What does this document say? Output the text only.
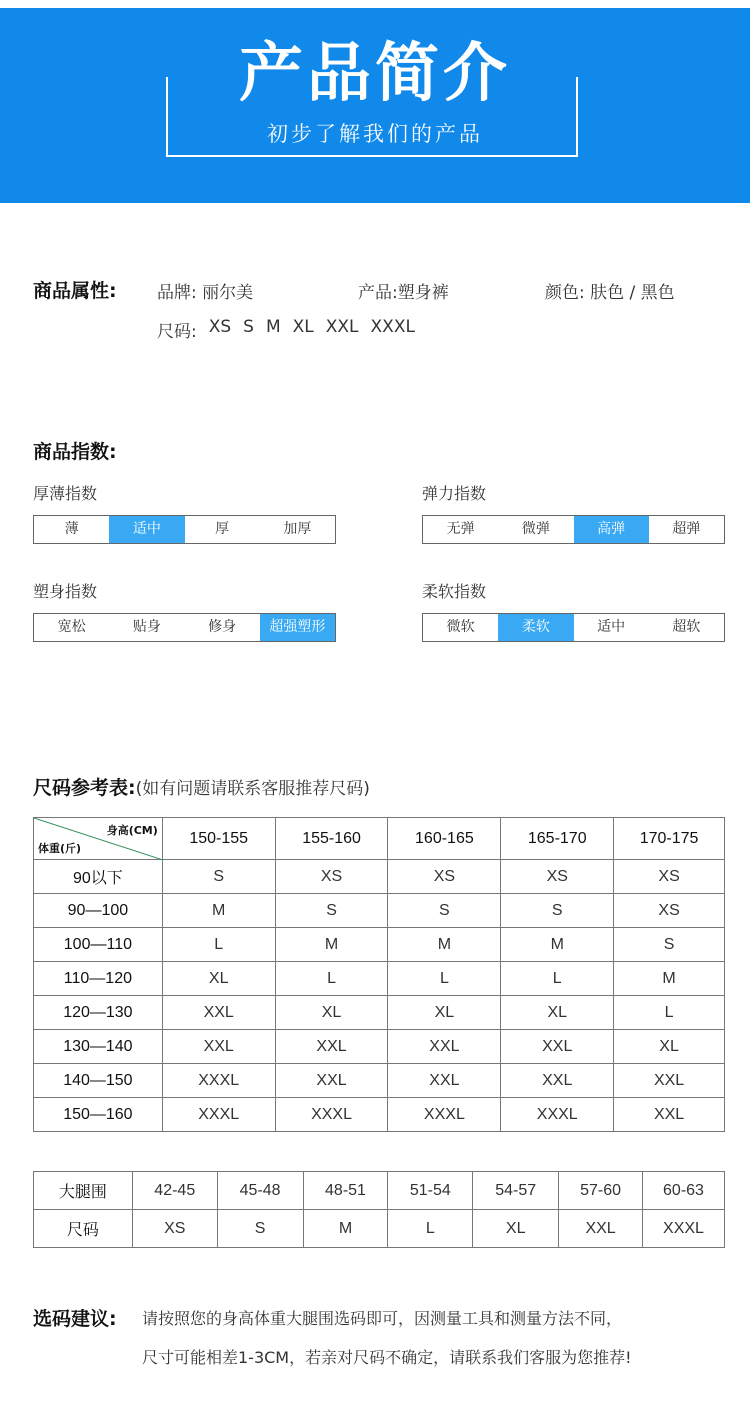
产品简介
初步了解我们的产品
商品属性: 品牌: 丽尔美	产品:塑身裤	颜色: 肤色 / 黑色
尺码: XS S M XL XXL XXXL
商品指数:
厚薄指数
薄	适中	厚	加厚
弹力指数
无弹	微弹	高弹	超弹
塑身指数
宽松	贴身	修身	超强塑形
柔软指数
微软	柔软	适中	超软
尺码参考表: (如有问题请联系客服推荐尺码)
身高(CM)
体重(斤)	150-155	155-160	160-165	165-170	170-175
90以下	S	XS	XS	XS	XS
90—100	M	S	S	S	XS
100—110	L	M	M	M	S
110—120	XL	L	L	L	M
120—130	XXL	XL	XL	XL	L
130—140	XXL	XXL	XXL	XXL	XL
140—150	XXXL	XXL	XXL	XXL	XXL
150—160	XXXL	XXXL	XXXL	XXXL	XXL
大腿围	42-45	45-48	48-51	51-54	54-57	57-60	60-63
尺码	XS	S	M	L	XL	XXL	XXXL
选码建议: 请按照您的身高体重大腿围选码即可，因测量工具和测量方法不同，
尺寸可能相差1-3CM，若亲对尺码不确定，请联系我们客服为您推荐!
